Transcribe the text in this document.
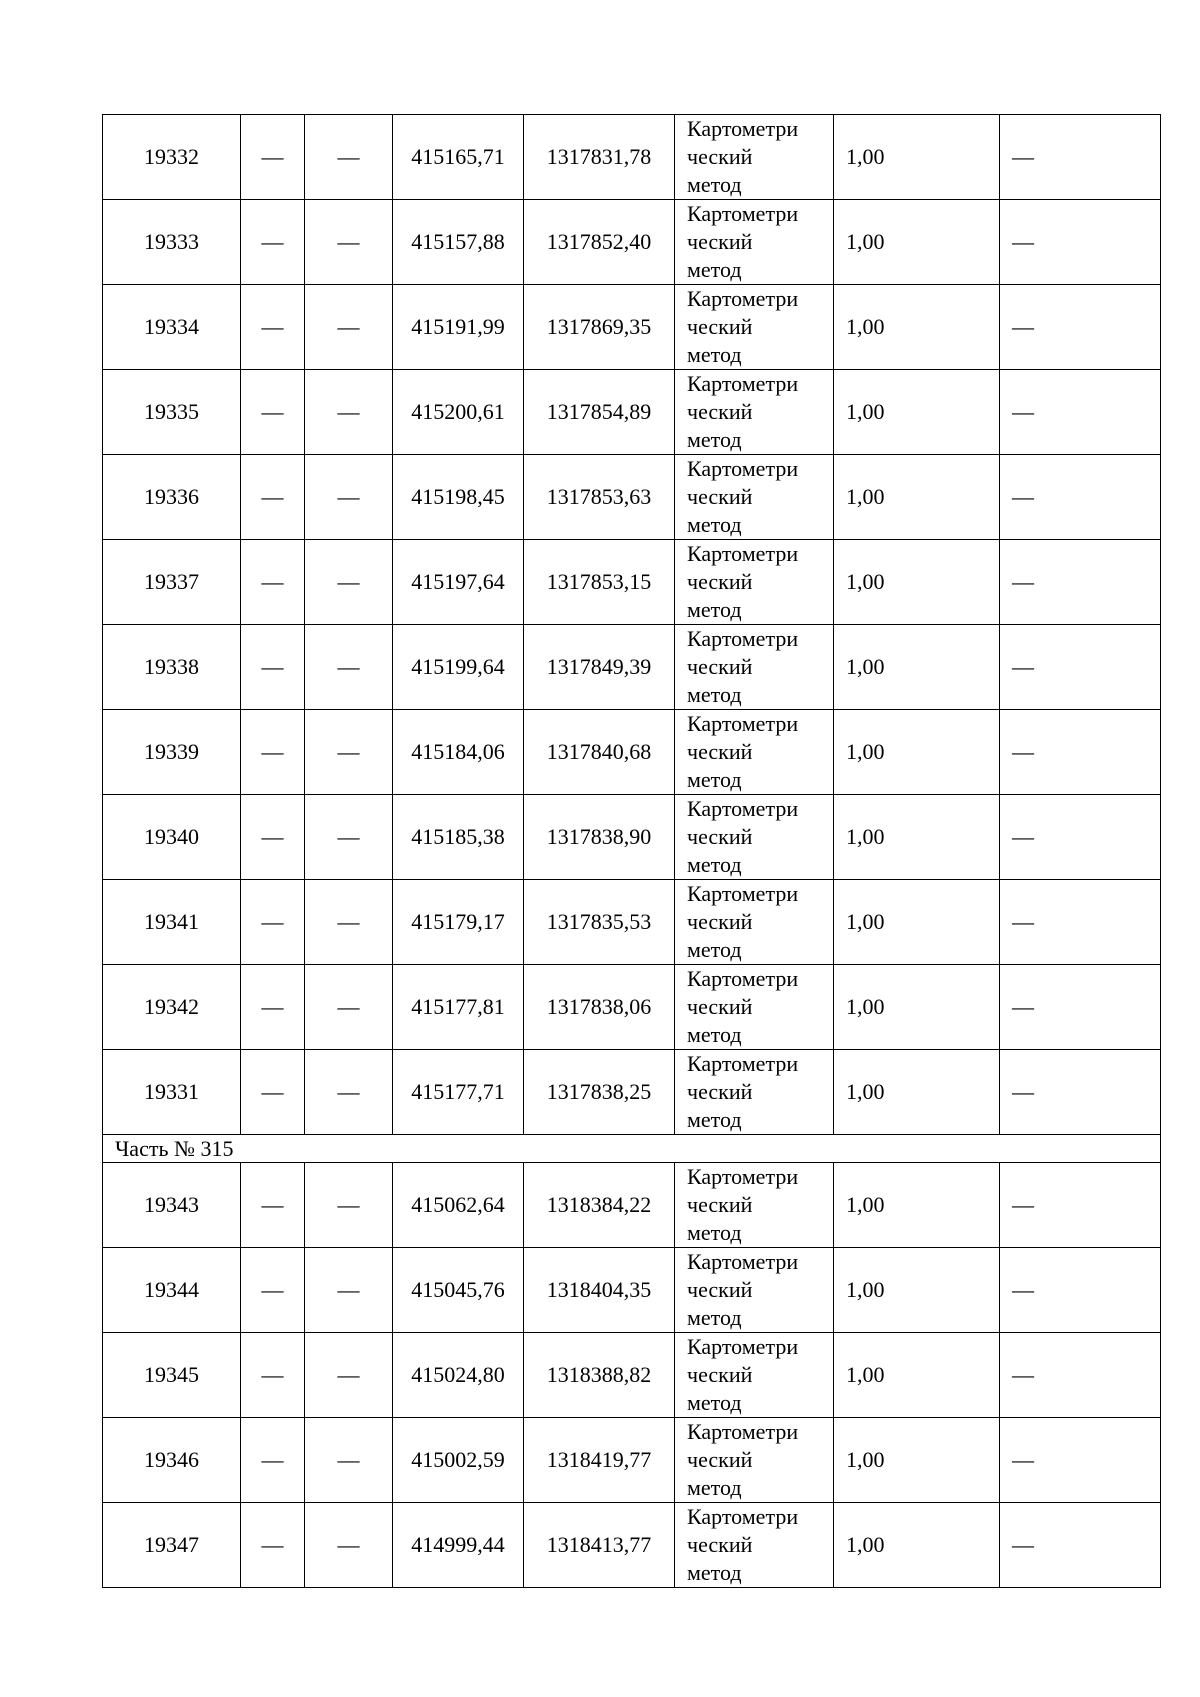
19332	—	—	415165,71	1317831,78	Картометри
ческий
метод	1,00	—
19333	—	—	415157,88	1317852,40	Картометри
ческий
метод	1,00	—
19334	—	—	415191,99	1317869,35	Картометри
ческий
метод	1,00	—
19335	—	—	415200,61	1317854,89	Картометри
ческий
метод	1,00	—
19336	—	—	415198,45	1317853,63	Картометри
ческий
метод	1,00	—
19337	—	—	415197,64	1317853,15	Картометри
ческий
метод	1,00	—
19338	—	—	415199,64	1317849,39	Картометри
ческий
метод	1,00	—
19339	—	—	415184,06	1317840,68	Картометри
ческий
метод	1,00	—
19340	—	—	415185,38	1317838,90	Картометри
ческий
метод	1,00	—
19341	—	—	415179,17	1317835,53	Картометри
ческий
метод	1,00	—
19342	—	—	415177,81	1317838,06	Картометри
ческий
метод	1,00	—
19331	—	—	415177,71	1317838,25	Картометри
ческий
метод	1,00	—
Часть № 315							
19343	—	—	415062,64	1318384,22	Картометри
ческий
метод	1,00	—
19344	—	—	415045,76	1318404,35	Картометри
ческий
метод	1,00	—
19345	—	—	415024,80	1318388,82	Картометри
ческий
метод	1,00	—
19346	—	—	415002,59	1318419,77	Картометри
ческий
метод	1,00	—
19347	—	—	414999,44	1318413,77	Картометри
ческий
метод	1,00	—
